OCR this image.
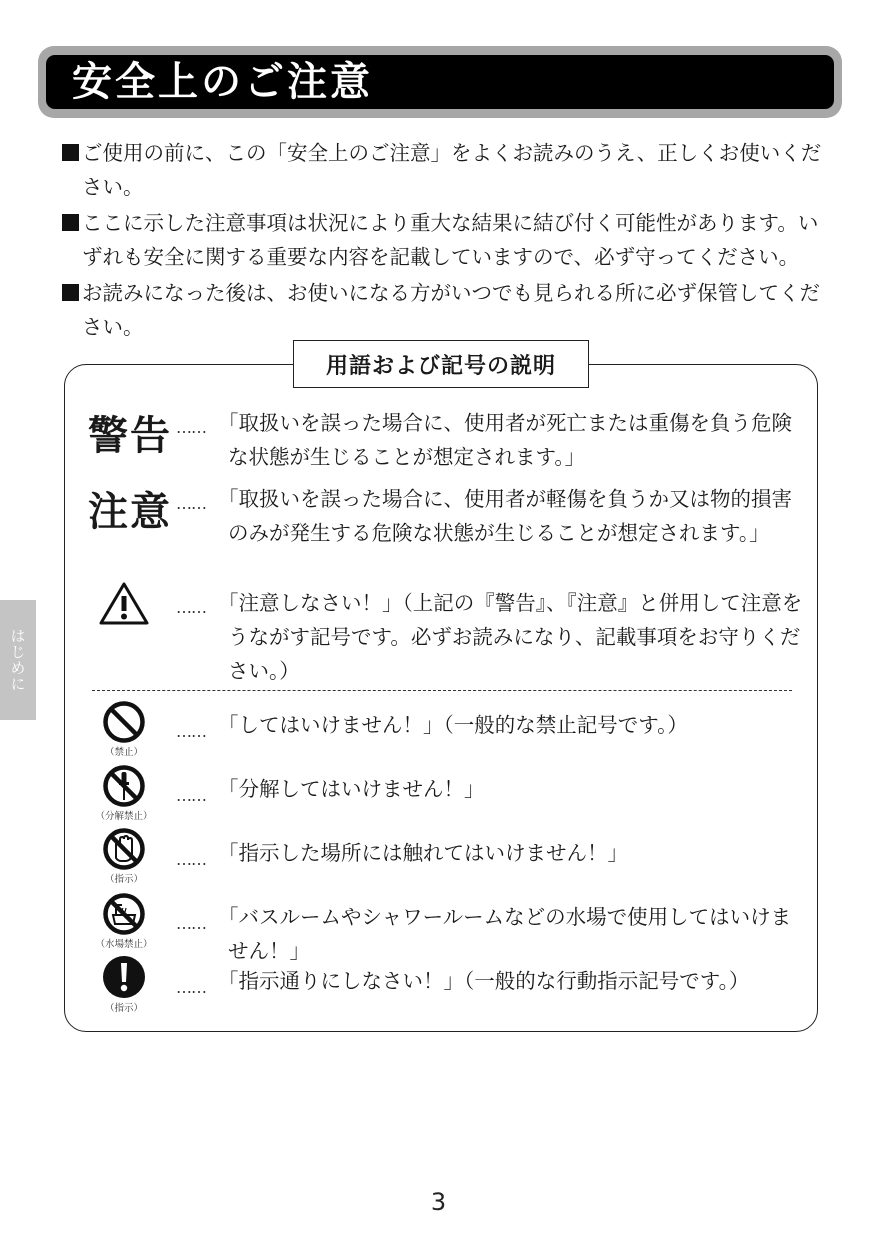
安全上のご注意
ご使用の前に、この「安全上のご注意」をよくお読みのうえ、正しくお使いください。
ここに示した注意事項は状況により重大な結果に結び付く可能性があります。いずれも安全に関する重要な内容を記載していますので、必ず守ってください。
お読みになった後は、お使いになる方がいつでも見られる所に必ず保管してください。
用語および記号の説明
警告 …… 「取扱いを誤った場合に、使用者が死亡または重傷を負う危険な状態が生じることが想定されます。」
注意 …… 「取扱いを誤った場合に、使用者が軽傷を負うか又は物的損害のみが発生する危険な状態が生じることが想定されます。」
…… 「注意しなさい！」（上記の『警告』、『注意』と併用して注意をうながす記号です。必ずお読みになり、記載事項をお守りください。）
（禁止）
…… 「してはいけません！」（一般的な禁止記号です。）
（分解禁止）
…… 「分解してはいけません！」
（指示）
…… 「指示した場所には触れてはいけません！」
（水場禁止）
…… 「バスルームやシャワールームなどの水場で使用してはいけません！」
（指示）
…… 「指示通りにしなさい！」（一般的な行動指示記号です。）
はじめに
3
